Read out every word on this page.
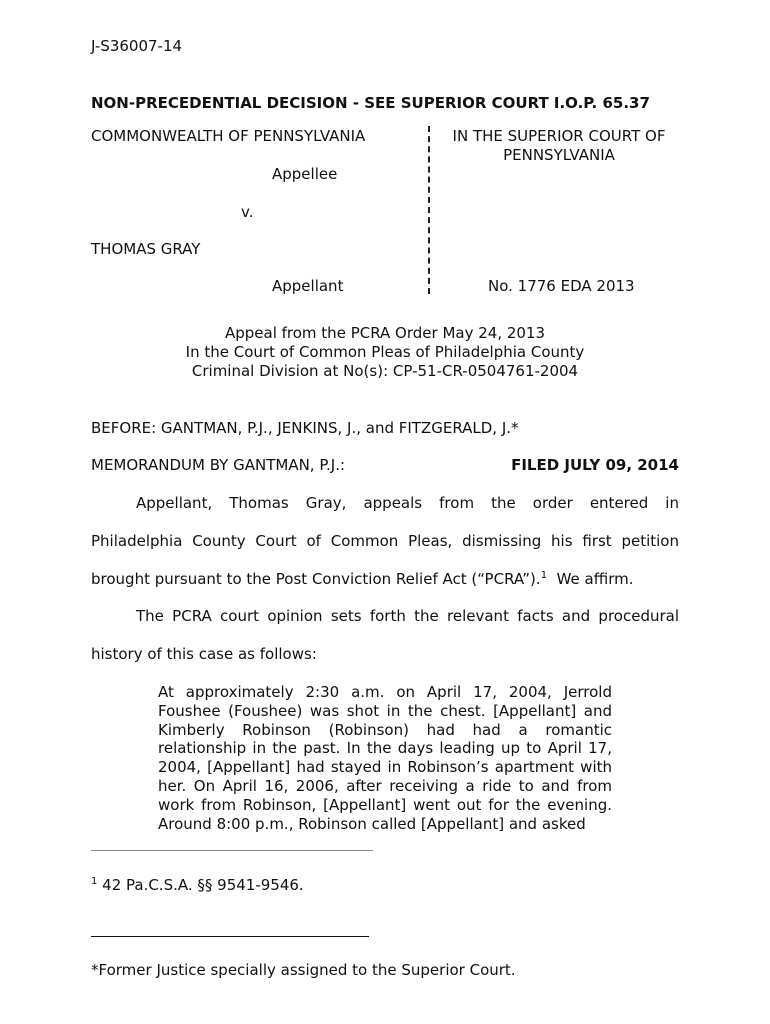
J-S36007-14
NON-PRECEDENTIAL DECISION - SEE SUPERIOR COURT I.O.P. 65.37
COMMONWEALTH OF PENNSYLVANIA
Appellee
v.
THOMAS GRAY
Appellant
IN THE SUPERIOR COURT OF PENNSYLVANIA
No. 1776 EDA 2013
Appeal from the PCRA Order May 24, 2013
In the Court of Common Pleas of Philadelphia County
Criminal Division at No(s): CP-51-CR-0504761-2004
BEFORE: GANTMAN, P.J., JENKINS, J., and FITZGERALD, J.*
MEMORANDUM BY GANTMAN, P.J.:	FILED JULY 09, 2014
Appellant, Thomas Gray, appeals from the order entered in
Philadelphia County Court of Common Pleas, dismissing his first petition
brought pursuant to the Post Conviction Relief Act (“PCRA”).$^1$ We affirm.
The PCRA court opinion sets forth the relevant facts and procedural
history of this case as follows:
At approximately 2:30 a.m. on April 17, 2004, Jerrold Foushee (Foushee) was shot in the chest. [Appellant] and Kimberly Robinson (Robinson) had had a romantic relationship in the past. In the days leading up to April 17, 2004, [Appellant] had stayed in Robinson’s apartment with her. On April 16, 2006, after receiving a ride to and from work from Robinson, [Appellant] went out for the evening. Around 8:00 p.m., Robinson called [Appellant] and asked
$^1$ 42 Pa.C.S.A. §§ 9541-9546.
*Former Justice specially assigned to the Superior Court.
